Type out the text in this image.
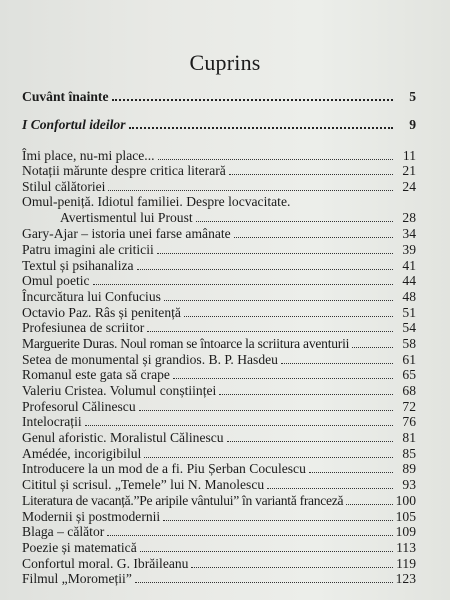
Cuprins
Cuvânt înainte	5
I Confortul ideilor	9
Îmi place, nu-mi place...	11
Notații mărunte despre critica literară	21
Stilul călătoriei	24
Omul-peniță. Idiotul familiei. Despre locvacitate.
Avertismentul lui Proust	28
Gary-Ajar – istoria unei farse amânate	34
Patru imagini ale criticii	39
Textul și psihanaliza	41
Omul poetic	44
Încurcătura lui Confucius	48
Octavio Paz. Râs și penitență	51
Profesiunea de scriitor	54
Marguerite Duras. Noul roman se întoarce la scriitura aventurii	58
Setea de monumental și grandios. B. P. Hasdeu	61
Romanul este gata să crape	65
Valeriu Cristea. Volumul conștiinței	68
Profesorul Călinescu	72
Intelocrații	76
Genul aforistic. Moralistul Călinescu	81
Amédée, incorigibilul	85
Introducere la un mod de a fi. Piu Șerban Coculescu	89
Cititul și scrisul. „Temele” lui N. Manolescu	93
Literatura de vacanță.”Pe aripile vântului” în variantă franceză	100
Modernii și postmodernii	105
Blaga – călător	109
Poezie și matematică	113
Confortul moral. G. Ibrăileanu	119
Filmul „Moromeții”	123
